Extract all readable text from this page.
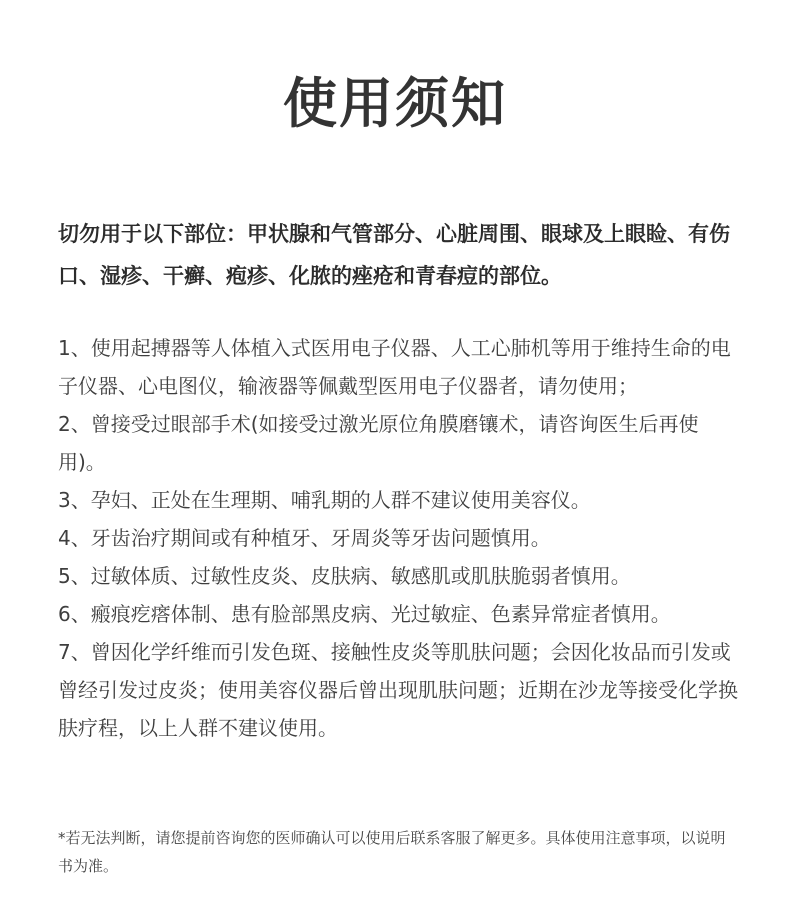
使用须知
切勿用于以下部位：甲状腺和气管部分、心脏周围、眼球及上眼睑、有伤口、湿疹、干癣、疱疹、化脓的痤疮和青春痘的部位。
1、使用起搏器等人体植入式医用电子仪器、人工心肺机等用于维持生命的电子仪器、心电图仪，输液器等佩戴型医用电子仪器者，请勿使用；
2、曾接受过眼部手术(如接受过激光原位角膜磨镶术，请咨询医生后再使用)。
3、孕妇、正处在生理期、哺乳期的人群不建议使用美容仪。
4、牙齿治疗期间或有种植牙、牙周炎等牙齿问题慎用。
5、过敏体质、过敏性皮炎、皮肤病、敏感肌或肌肤脆弱者慎用。
6、瘢痕疙瘩体制、患有脸部黑皮病、光过敏症、色素异常症者慎用。
7、曾因化学纤维而引发色斑、接触性皮炎等肌肤问题；会因化妆品而引发或曾经引发过皮炎；使用美容仪器后曾出现肌肤问题；近期在沙龙等接受化学换肤疗程，以上人群不建议使用。
*若无法判断，请您提前咨询您的医师确认可以使用后联系客服了解更多。具体使用注意事项，以说明书为准。
